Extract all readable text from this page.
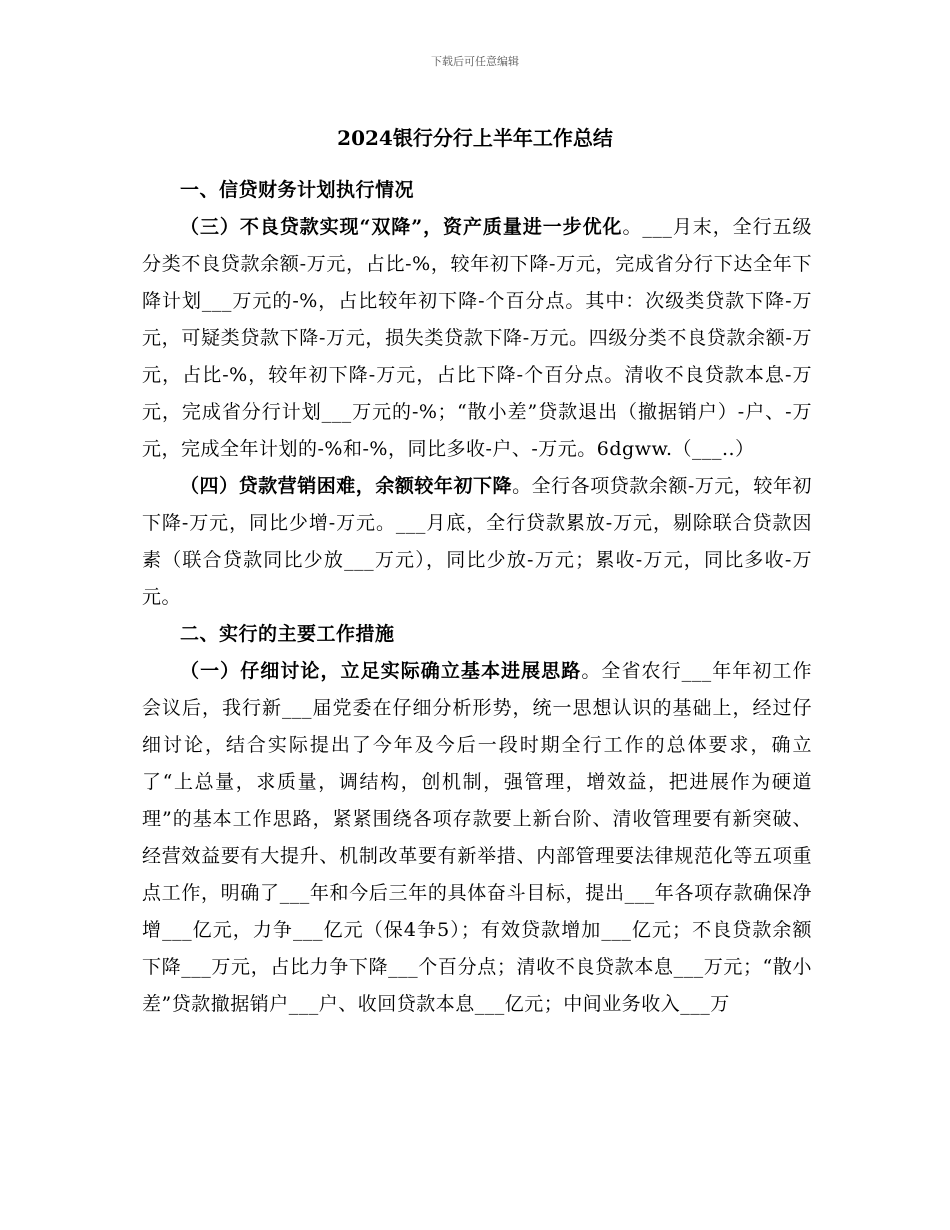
下载后可任意编辑
2024银行分行上半年工作总结

一、信贷财务计划执行情况

（三）不良贷款实现“双降”，资产质量进一步优化。___月末，全行五级分类不良贷款余额-万元，占比-%，较年初下降-万元，完成省分行下达全年下降计划___万元的-%，占比较年初下降-个百分点。其中：次级类贷款下降-万元，可疑类贷款下降-万元，损失类贷款下降-万元。四级分类不良贷款余额-万元，占比-%，较年初下降-万元，占比下降-个百分点。清收不良贷款本息-万元，完成省分行计划___万元的-%；“散小差”贷款退出（撤据销户）-户、-万元，完成全年计划的-%和-%，同比多收-户、-万元。6dgww.（___..）

（四）贷款营销困难，余额较年初下降。全行各项贷款余额-万元，较年初下降-万元，同比少增-万元。___月底，全行贷款累放-万元，剔除联合贷款因素（联合贷款同比少放___万元），同比少放-万元；累收-万元，同比多收-万元。

二、实行的主要工作措施

（一）仔细讨论，立足实际确立基本进展思路。全省农行___年年初工作会议后，我行新___届党委在仔细分析形势，统一思想认识的基础上，经过仔细讨论，结合实际提出了今年及今后一段时期全行工作的总体要求，确立了“上总量，求质量，调结构，创机制，强管理，增效益，把进展作为硬道理”的基本工作思路，紧紧围绕各项存款要上新台阶、清收管理要有新突破、经营效益要有大提升、机制改革要有新举措、内部管理要法律规范化等五项重点工作，明确了___年和今后三年的具体奋斗目标，提出___年各项存款确保净增___亿元，力争___亿元（保4争5）；有效贷款增加___亿元；不良贷款余额下降___万元，占比力争下降___个百分点；清收不良贷款本息___万元；“散小差”贷款撤据销户___户、收回贷款本息___亿元；中间业务收入___万
